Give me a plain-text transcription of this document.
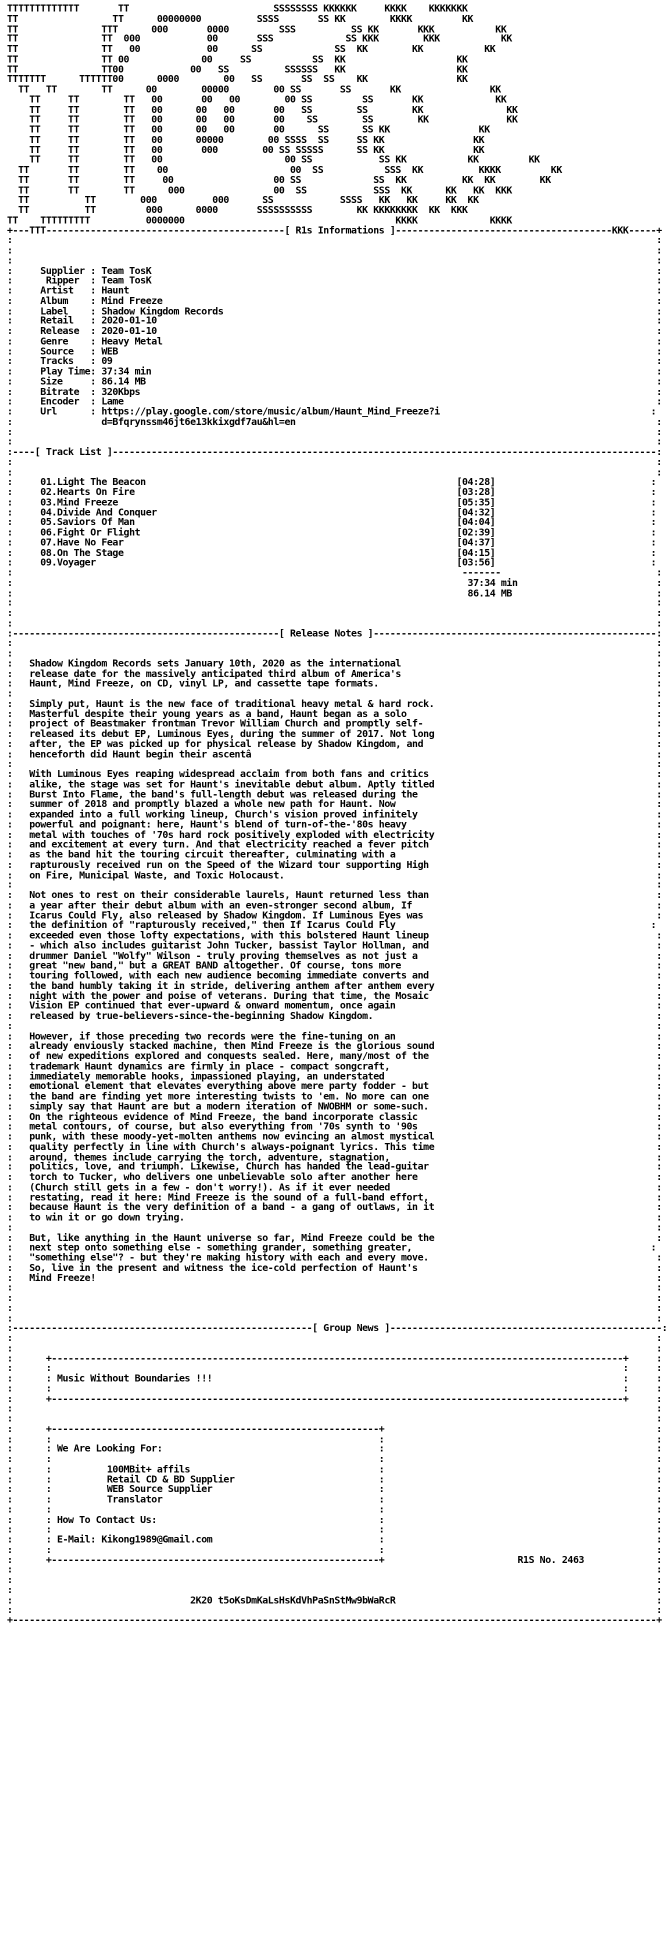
TTTTTTTTTTTTT       TT                          SSSSSSSS KKKKKK     KKKK    KKKKKKK
TT                 TT      00000000          SSSS       SS KK        KKKK         KK
TT               TTT      000       0000         SSS          SS KK       KKK           KK
TT               TT  000            00       SSS             SS KKK        KKK           KK
TT               TT   00            00      SS             SS  KK        KK           KK
TT               TT 00             00     SS           SS  KK                    KK
TT               TT00            00   SS          SSSSSS   KK                    KK
TTTTTTT      TTTTTT00      0000        00   SS       SS  SS    KK                KK
TT   TT        TT      00        00000        00 SS       SS       KK                KK
TT     TT        TT   00       00   00        00 SS         SS       KK             KK
TT     TT        TT   00      00   00       00   SS        SS        KK               KK
TT     TT        TT   00      00   00       00    SS        SS        KK              KK
TT     TT        TT   00      00   00       00      SS      SS KK                KK
TT     TT        TT   00      00000        00 SSSS  SS     SS KK                KK
TT     TT        TT   00       000        00 SS SSSSS      SS KK                KK
TT     TT        TT   00                      00 SS            SS KK           KK         KK
TT       TT        TT    00                      00  SS           SSS  KK          KKKK         KK
TT       TT        TT     00                  00 SS             SS  KK          KK  KK        KK
TT       TT        TT      000                00  SS            SSS  KK      KK   KK  KKK
TT          TT        000          000      SS            SSSS   KK   KK     KK  KK
TT          TT         000      0000       SSSSSSSSSS        KK KKKKKKKK  KK  KKK
TT    TTTTTTTTT          0000000                                      KKKK             KKKK
+---TTT-------------------------------------------[ R1s Informations ]---------------------------------------KKK-----+
:                                                                                                                    :
:                                                                                                                    :
:                                                                                                                    :
:     Supplier : Team TosK                                                                                           :
:      Ripper  : Team TosK                                                                                           :
:     Artist   : Haunt                                                                                               :
:     Album    : Mind Freeze                                                                                         :
:     Label    : Shadow Kingdom Records                                                                              :
:     Retail   : 2020-01-10                                                                                          :
:     Release  : 2020-01-10                                                                                          :
:     Genre    : Heavy Metal                                                                                         :
:     Source   : WEB                                                                                                 :
:     Tracks   : 09                                                                                                  :
:     Play Time: 37:34 min                                                                                           :
:     Size     : 86.14 MB                                                                                            :
:     Bitrate  : 320Kbps                                                                                             :
:     Encoder  : Lame                                                                                                :
:     Url      : https://play.google.com/store/music/album/Haunt_Mind_Freeze?i                                      :
:                d=Bfqrynssm46jt6e13kkixgdf7au&hl=en                                                                 :
:                                                                                                                    :
:                                                                                                                    :
:----[ Track List ]--------------------------------------------------------------------------------------------------:
:                                                                                                                    :
:                                                                                                                    :
:     01.Light The Beacon                                                        [04:28]                            :
:     02.Hearts On Fire                                                          [03:28]                            :
:     03.Mind Freeze                                                             [05:35]                            :
:     04.Divide And Conquer                                                      [04:32]                            :
:     05.Saviors Of Man                                                          [04:04]                            :
:     06.Fight Or Flight                                                         [02:39]                            :
:     07.Have No Fear                                                            [04:37]                            :
:     08.On The Stage                                                            [04:15]                            :
:     09.Voyager                                                                 [03:56]                            :
:                                                                                 -------                            :
:                                                                                  37:34 min                         :
:                                                                                  86.14 MB                          :
:                                                                                                                    :
:                                                                                                                    :
:                                                                                                                    :
:------------------------------------------------[ Release Notes ]---------------------------------------------------:
:                                                                                                                    :
:                                                                                                                    :
:   Shadow Kingdom Records sets January 10th, 2020 as the international                                              :
:   release date for the massively anticipated third album of America's                                              :
:   Haunt, Mind Freeze, on CD, vinyl LP, and cassette tape formats.                                                  :
:                                                                                                                    :
:   Simply put, Haunt is the new face of traditional heavy metal & hard rock.                                        :
:   Masterful despite their young years as a band, Haunt began as a solo                                             :
:   project of Beastmaker frontman Trevor William Church and promptly self-                                          :
:   released its debut EP, Luminous Eyes, during the summer of 2017. Not long                                        :
:   after, the EP was picked up for physical release by Shadow Kingdom, and                                          :
:   henceforth did Haunt begin their ascentâ                                                                         :
:                                                                                                                    :
:   With Luminous Eyes reaping widespread acclaim from both fans and critics                                         :
:   alike, the stage was set for Haunt's inevitable debut album. Aptly titled                                        :
:   Burst Into Flame, the band's full-length debut was released during the                                           :
:   summer of 2018 and promptly blazed a whole new path for Haunt. Now                                               :
:   expanded into a full working lineup, Church's vision proved infinitely                                           :
:   powerful and poignant: here, Haunt's blend of turn-of-the-'80s heavy                                             :
:   metal with touches of '70s hard rock positively exploded with electricity                                        :
:   and excitement at every turn. And that electricity reached a fever pitch                                         :
:   as the band hit the touring circuit thereafter, culminating with a                                               :
:   rapturously received run on the Speed of the Wizard tour supporting High                                         :
:   on Fire, Municipal Waste, and Toxic Holocaust.                                                                   :
:                                                                                                                    :
:   Not ones to rest on their considerable laurels, Haunt returned less than                                         :
:   a year after their debut album with an even-stronger second album, If                                            :
:   Icarus Could Fly, also released by Shadow Kingdom. If Luminous Eyes was                                          :
:   the definition of "rapturously received," then If Icarus Could Fly                                              :
:   exceeded even those lofty expectations, with this bolstered Haunt lineup                                         :
:   - which also includes guitarist John Tucker, bassist Taylor Hollman, and                                         :
:   drummer Daniel "Wolfy" Wilson - truly proving themselves as not just a                                           :
:   great "new band," but a GREAT BAND altogether. Of course, tons more                                              :
:   touring followed, with each new audience becoming immediate converts and                                         :
:   the band humbly taking it in stride, delivering anthem after anthem every                                        :
:   night with the power and poise of veterans. During that time, the Mosaic                                         :
:   Vision EP continued that ever-upward & onward momentum, once again                                               :
:   released by true-believers-since-the-beginning Shadow Kingdom.                                                   :
:                                                                                                                    :
:   However, if those preceding two records were the fine-tuning on an                                               :
:   already enviously stacked machine, then Mind Freeze is the glorious sound                                        :
:   of new expeditions explored and conquests sealed. Here, many/most of the                                         :
:   trademark Haunt dynamics are firmly in place - compact songcraft,                                                :
:   immediately memorable hooks, impassioned playing, an understated                                                 :
:   emotional element that elevates everything above mere party fodder - but                                         :
:   the band are finding yet more interesting twists to 'em. No more can one                                         :
:   simply say that Haunt are but a modern iteration of NWOBHM or some-such.                                         :
:   On the righteous evidence of Mind Freeze, the band incorporate classic                                           :
:   metal contours, of course, but also everything from '70s synth to '90s                                           :
:   punk, with these moody-yet-molten anthems now evincing an almost mystical                                        :
:   quality perfectly in line with Church's always-poignant lyrics. This time                                        :
:   around, themes include carrying the torch, adventure, stagnation,                                                :
:   politics, love, and triumph. Likewise, Church has handed the lead-guitar                                         :
:   torch to Tucker, who delivers one unbelievable solo after another here                                           :
:   (Church still gets in a few - don't worry!). As if it ever needed                                                :
:   restating, read it here: Mind Freeze is the sound of a full-band effort,                                         :
:   because Haunt is the very definition of a band - a gang of outlaws, in it                                        :
:   to win it or go down trying.                                                                                     :
:                                                                                                                    :
:   But, like anything in the Haunt universe so far, Mind Freeze could be the                                        :
:   next step onto something else - something grander, something greater,                                           :
:   "something else"? - but they're making history with each and every move.                                         :
:   So, live in the present and witness the ice-cold perfection of Haunt's                                           :
:   Mind Freeze!                                                                                                     :
:                                                                                                                    :
:                                                                                                                    :
:                                                                                                                    :
:                                                                                                                    :
:------------------------------------------------------[ Group News ]-------------------------------------------------:
:                                                                                                                    :
:                                                                                                                    :
:      +-------------------------------------------------------------------------------------------------------+     :
:      :                                                                                                       :     :
:      : Music Without Boundaries !!!                                                                          :     :
:      :                                                                                                       :     :
:      +-------------------------------------------------------------------------------------------------------+     :
:                                                                                                                    :
:                                                                                                                    :
:      +-----------------------------------------------------------+                                                 :
:      :                                                           :                                                 :
:      : We Are Looking For:                                       :                                                 :
:      :                                                           :                                                 :
:      :          100MBit+ affils                                  :                                                 :
:      :          Retail CD & BD Supplier                          :                                                 :
:      :          WEB Source Supplier                              :                                                 :
:      :          Translator                                       :                                                 :
:      :                                                           :                                                 :
:      : How To Contact Us:                                        :                                                 :
:      :                                                           :                                                 :
:      : E-Mail: Kikong1989@Gmail.com                              :                                                 :
:      :                                                           :                                                 :
:      +-----------------------------------------------------------+                        R1S No. 2463             :
:                                                                                                                    :
:                                                                                                                    :
:                                                                                                                    :
:                                2K20 t5oKsDmKaLsHsKdVhPaSnStMw9bWaRcR                                               :
:                                                                                                                    :
+--------------------------------------------------------------------------------------------------------------------+
